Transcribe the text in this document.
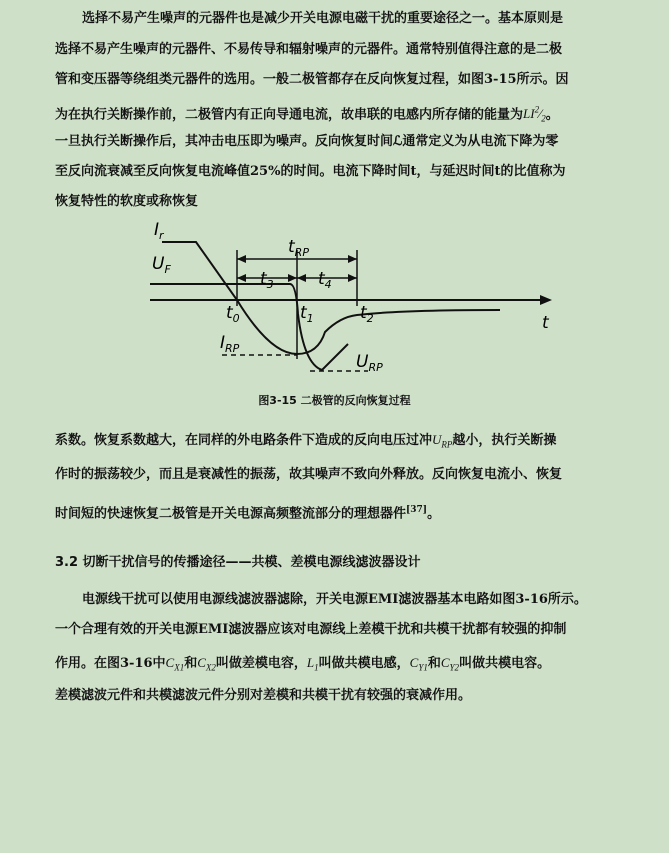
选择不易产生噪声的元器件也是减少开关电源电磁干扰的重要途径之一。基本原则是
选择不易产生噪声的元器件、不易传导和辐射噪声的元器件。通常特别值得注意的是二极
管和变压器等绕组类元器件的选用。一般二极管都存在反向恢复过程，如图3-15所示。因
为在执行关断操作前，二极管内有正向导通电流，故串联的电感内所存储的能量为$LI^2⁄_2$。
一旦执行关断操作后，其冲击电压即为噪声。反向恢复时间ℒ通常定义为从电流下降为零
至反向流衰减至反向恢复电流峰值25%的时间。电流下降时间t，与延迟时间t的比值称为
恢复特性的软度或称恢复
$I_r$
$U_F$
$t_{RP}$
$t_3$	$t_4$
$t_0$	$t_1$	$t_2$	t
$I_{RP}$
$U_{RP}$
图3-15 二极管的反向恢复过程
系数。恢复系数越大，在同样的外电路条件下造成的反向电压过冲$U_{RP}$越小，执行关断操
作时的振荡较少，而且是衰减性的振荡，故其噪声不致向外释放。反向恢复电流小、恢复
时间短的快速恢复二极管是开关电源高频整流部分的理想器件[37]。
3.2 切断干扰信号的传播途径——共模、差模电源线滤波器设计
电源线干扰可以使用电源线滤波器滤除，开关电源EMI滤波器基本电路如图3-16所示。
一个合理有效的开关电源EMI滤波器应该对电源线上差模干扰和共模干扰都有较强的抑制
作用。在图3-16中$C_{X1}$和$C_{X2}$叫做差模电容，$L_1$叫做共模电感，$C_{Y1}$和$C_{Y2}$叫做共模电容。
差模滤波元件和共模滤波元件分别对差模和共模干扰有较强的衰减作用。
